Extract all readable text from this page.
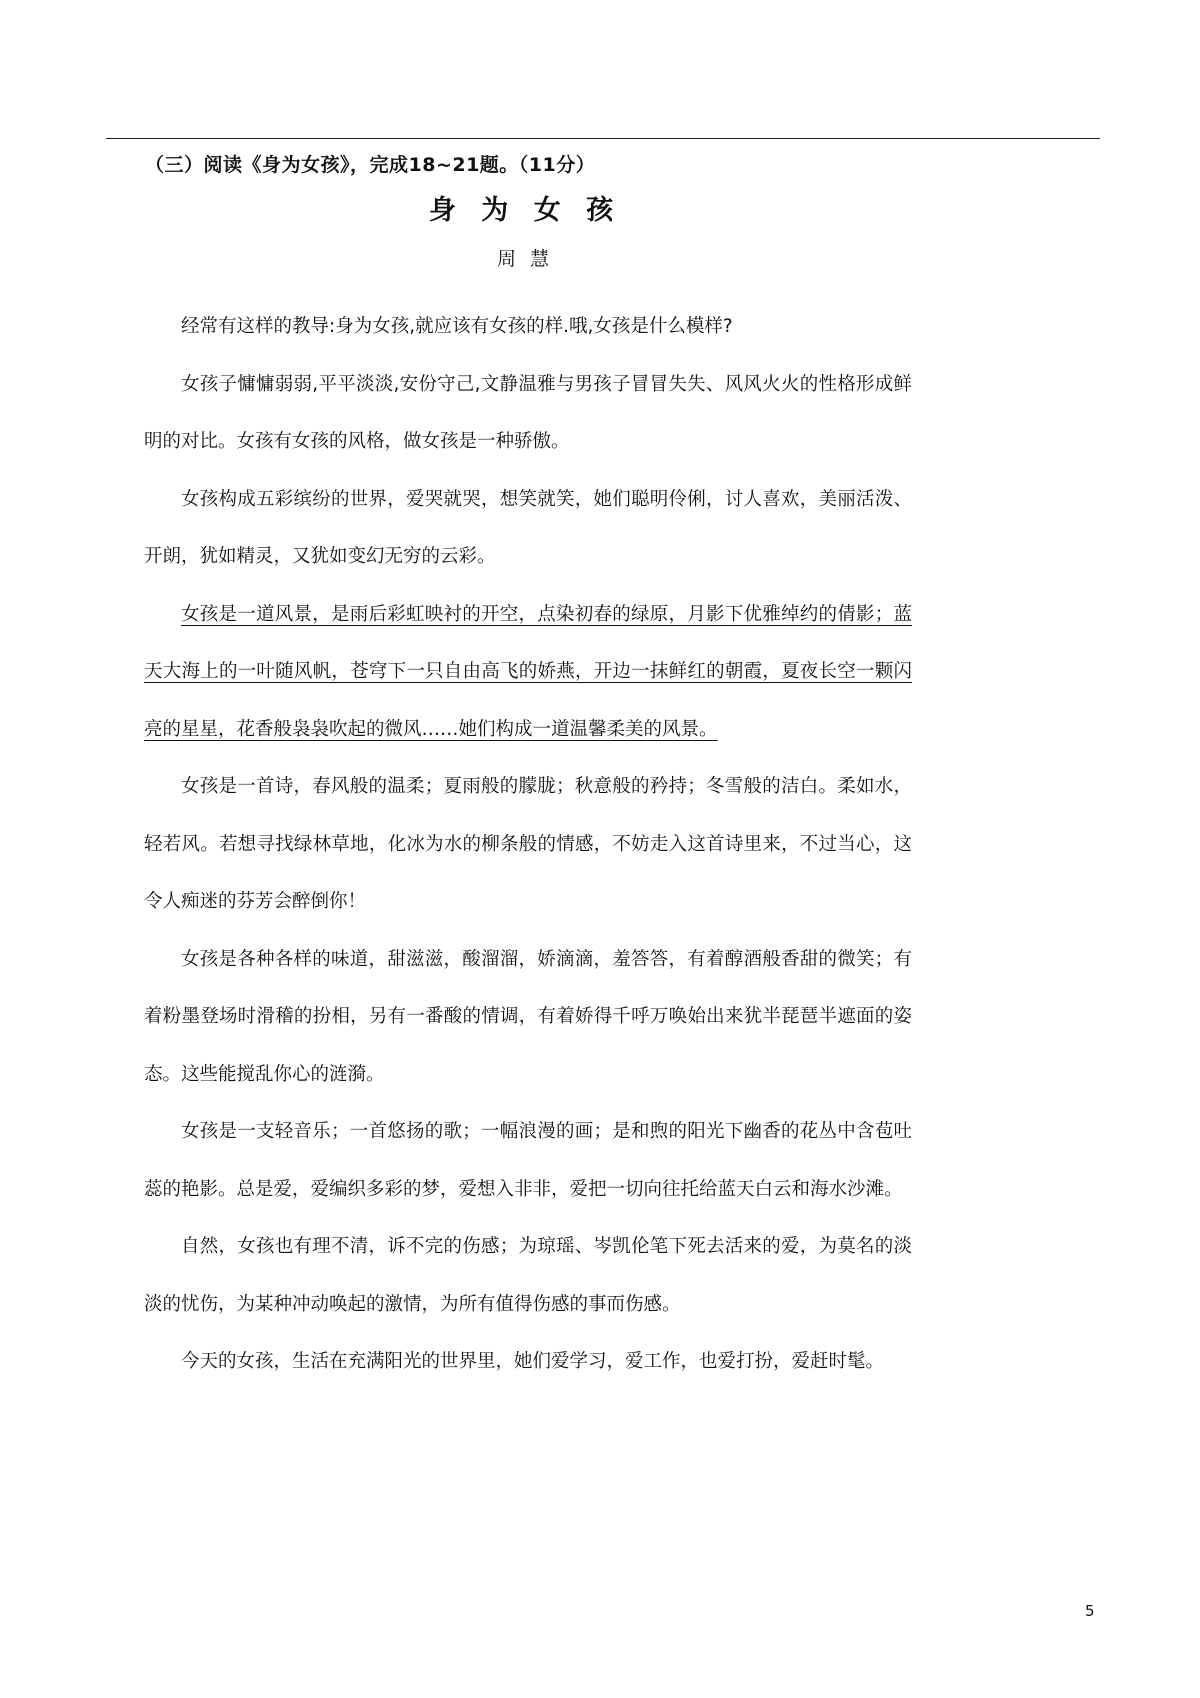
（三）阅读《身为女孩》，完成18~21题。（11分）
身 为 女 孩
周 慧

经常有这样的教导:身为女孩,就应该有女孩的样.哦,女孩是什么模样?

女孩子慵慵弱弱,平平淡淡,安份守己,文静温雅与男孩子冒冒失失、风风火火的性格形成鲜明的对比。女孩有女孩的风格，做女孩是一种骄傲。

女孩构成五彩缤纷的世界，爱哭就哭，想笑就笑，她们聪明伶俐，讨人喜欢，美丽活泼、开朗，犹如精灵，又犹如变幻无穷的云彩。

女孩是一道风景，是雨后彩虹映衬的开空，点染初春的绿原，月影下优雅绰约的倩影；蓝天大海上的一叶随风帆，苍穹下一只自由高飞的娇燕，开边一抹鲜红的朝霞，夏夜长空一颗闪亮的星星，花香般袅袅吹起的微风……她们构成一道温馨柔美的风景。

女孩是一首诗，春风般的温柔；夏雨般的朦胧；秋意般的矜持；冬雪般的洁白。柔如水，轻若风。若想寻找绿林草地，化冰为水的柳条般的情感，不妨走入这首诗里来，不过当心，这令人痴迷的芬芳会醉倒你！

女孩是各种各样的味道，甜滋滋，酸溜溜，娇滴滴，羞答答，有着醇酒般香甜的微笑；有着粉墨登场时滑稽的扮相，另有一番酸的情调，有着娇得千呼万唤始出来犹半琵琶半遮面的姿态。这些能搅乱你心的涟漪。

女孩是一支轻音乐；一首悠扬的歌；一幅浪漫的画；是和煦的阳光下幽香的花丛中含苞吐蕊的艳影。总是爱，爱编织多彩的梦，爱想入非非，爱把一切向往托给蓝天白云和海水沙滩。

自然，女孩也有理不清，诉不完的伤感；为琼瑶、岑凯伦笔下死去活来的爱，为莫名的淡淡的忧伤，为某种冲动唤起的激情，为所有值得伤感的事而伤感。

今天的女孩，生活在充满阳光的世界里，她们爱学习，爱工作，也爱打扮，爱赶时髦。

5
